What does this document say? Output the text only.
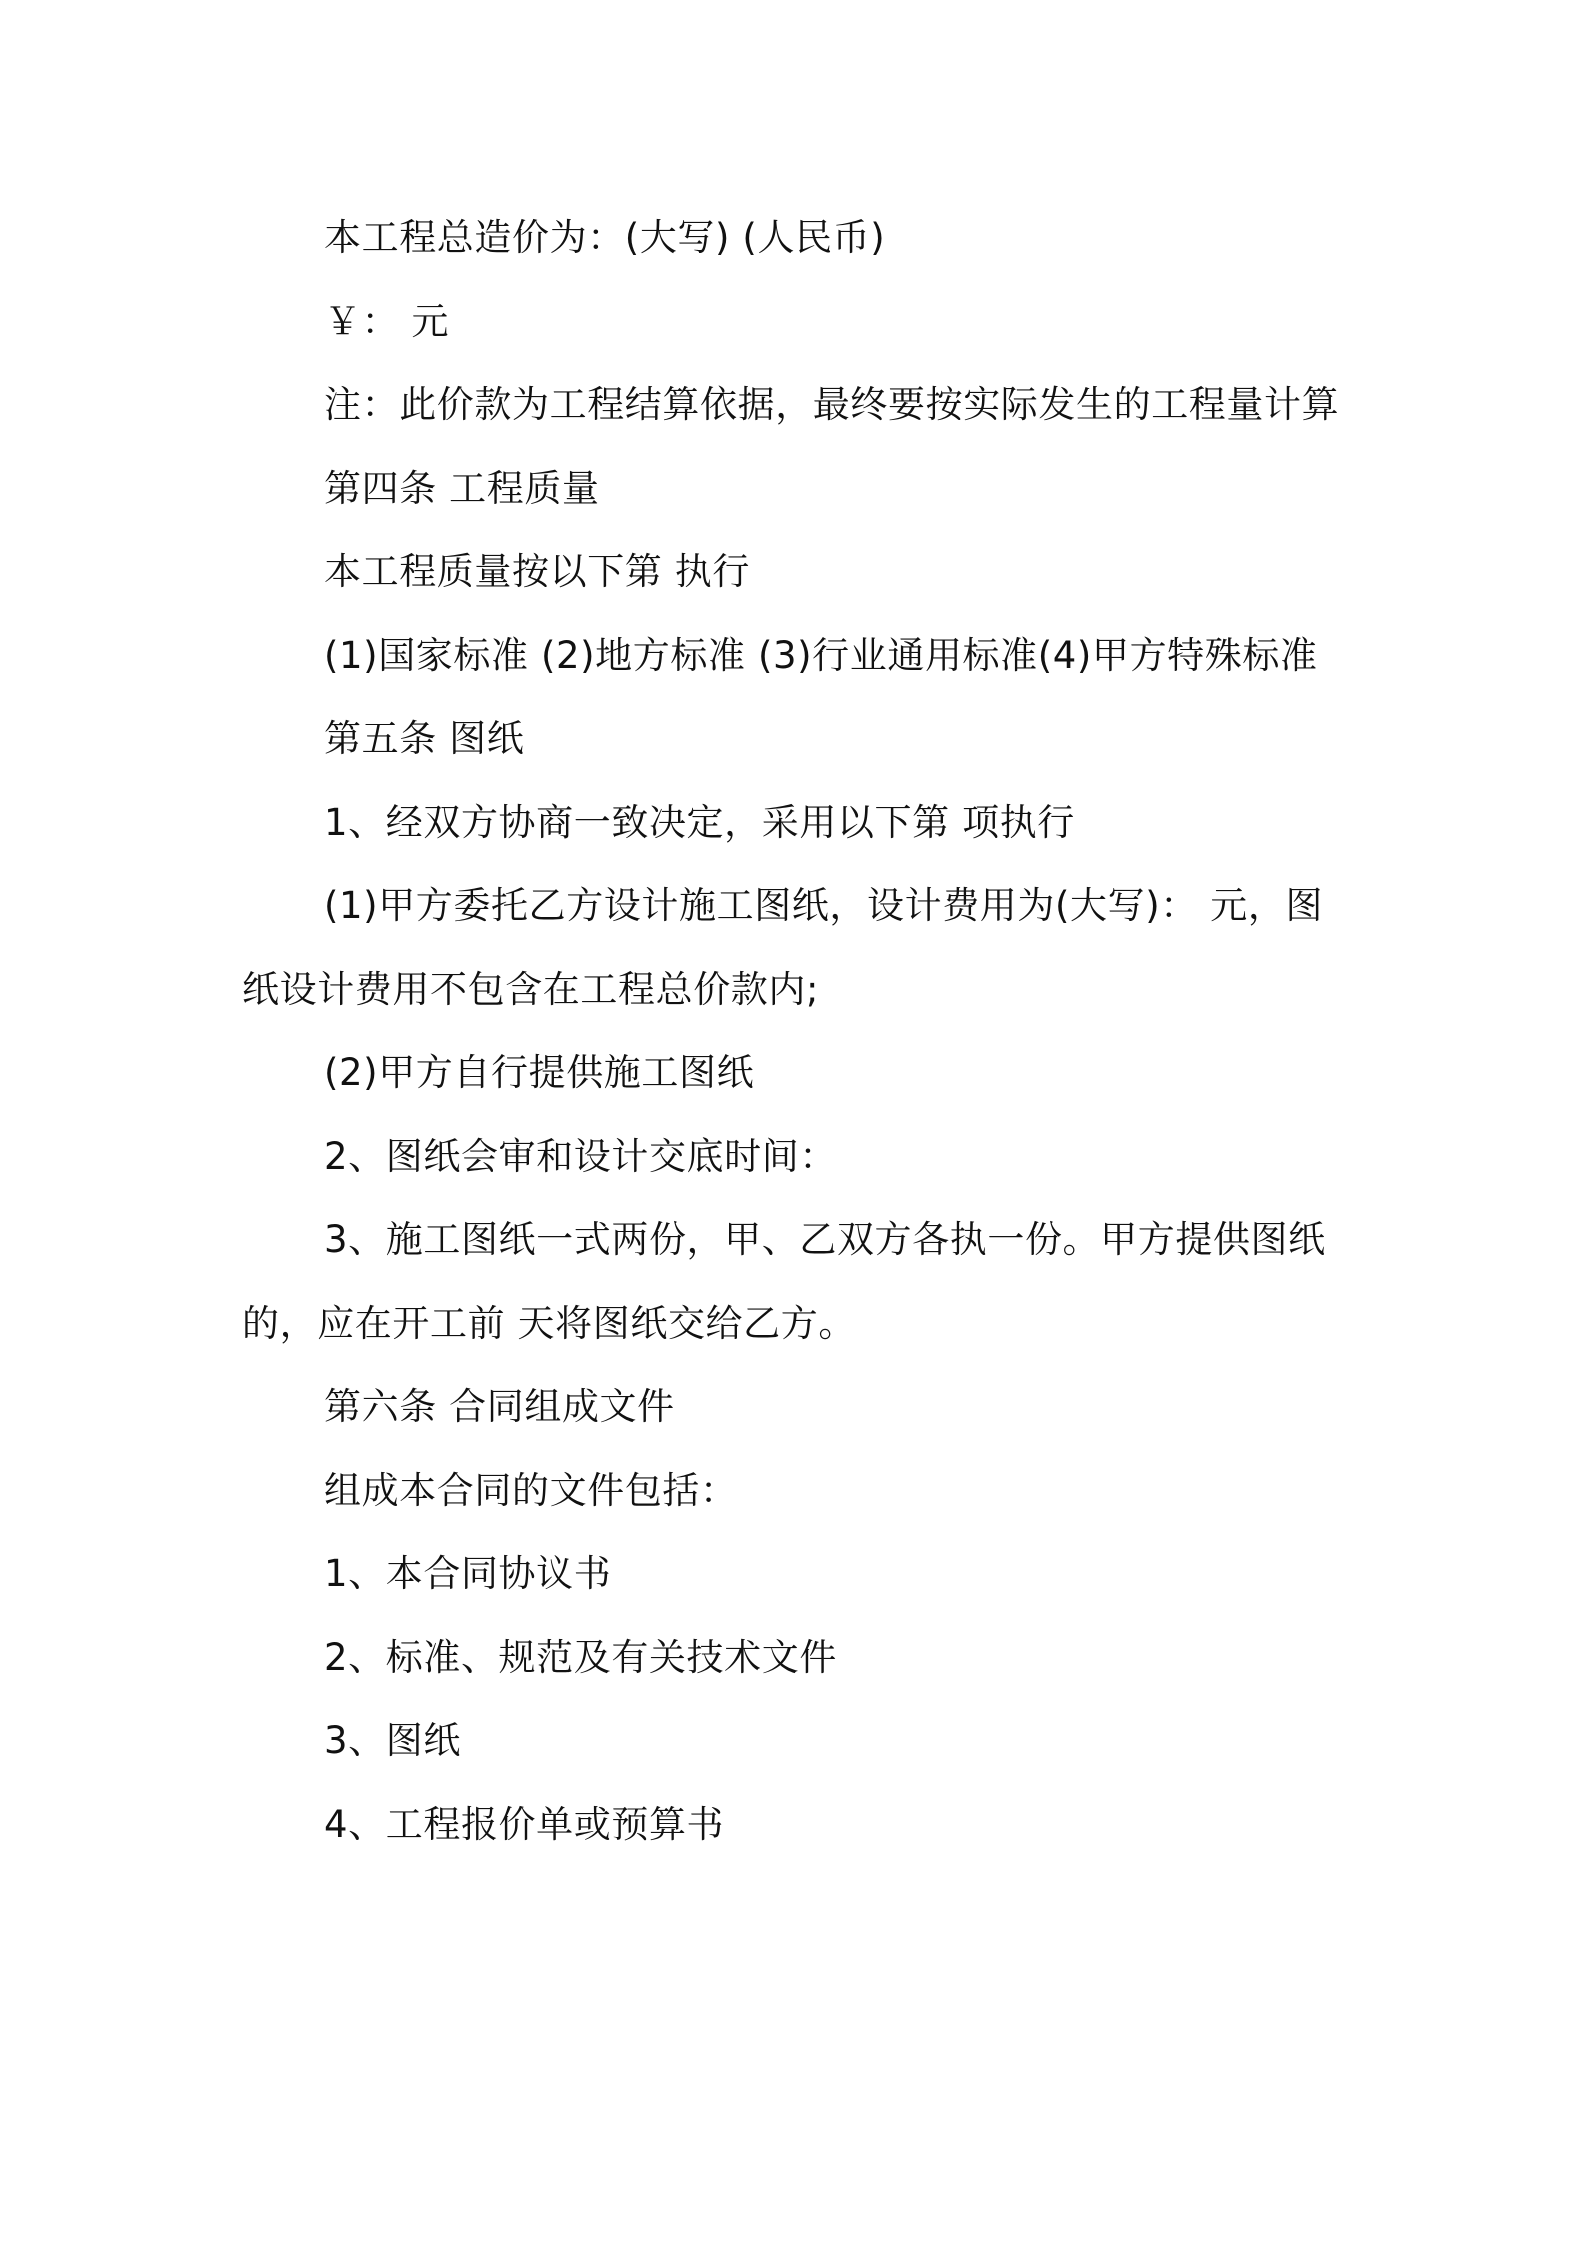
本工程总造价为：(大写) (人民币)

￥： 元

注：此价款为工程结算依据，最终要按实际发生的工程量计算

第四条 工程质量

本工程质量按以下第 执行

(1)国家标准 (2)地方标准 (3)行业通用标准(4)甲方特殊标准

第五条 图纸

1、经双方协商一致决定，采用以下第 项执行

(1)甲方委托乙方设计施工图纸，设计费用为(大写)： 元，图纸设计费用不包含在工程总价款内;

(2)甲方自行提供施工图纸

2、图纸会审和设计交底时间：

3、施工图纸一式两份，甲、乙双方各执一份。甲方提供图纸的，应在开工前 天将图纸交给乙方。

第六条 合同组成文件

组成本合同的文件包括：

1、本合同协议书

2、标准、规范及有关技术文件

3、图纸

4、工程报价单或预算书
